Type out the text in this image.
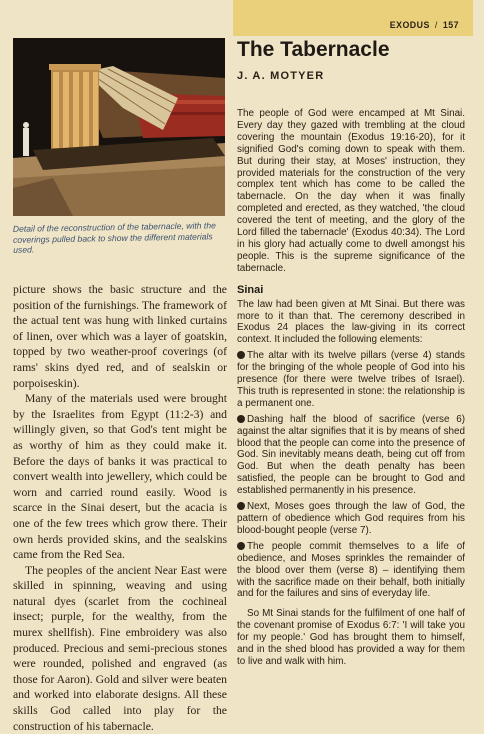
Detail of the reconstruction of the tabernacle, with the coverings pulled back to show the different materials used.

picture shows the basic structure and the position of the furnishings. The framework of the actual tent was hung with linked curtains of linen, over which was a layer of goatskin, topped by two weather-proof coverings (of rams' skins dyed red, and of sealskin or porpoiseskin).

Many of the materials used were brought by the Israelites from Egypt (11:2-3) and willingly given, so that God's tent might be as worthy of him as they could make it. Before the days of banks it was practical to convert wealth into jewellery, which could be worn and carried round easily. Wood is scarce in the Sinai desert, but the acacia is one of the few trees which grow there. Their own herds provided skins, and the sealskins came from the Red Sea.

The peoples of the ancient Near East were skilled in spinning, weaving and using natural dyes (scarlet from the cochineal insect; purple, for the wealthy, from the murex shellfish). Fine embroidery was also produced. Precious and semi-precious stones were rounded, polished and engraved (as those for Aaron). Gold and silver were beaten and worked into elaborate designs. All these skills God called into play for the construction of his tabernacle.

EXODUS / 157
The Tabernacle
J. A. MOTYER

The people of God were encamped at Mt Sinai. Every day they gazed with trembling at the cloud covering the mountain (Exodus 19:16-20), for it signified God's coming down to speak with them. But during their stay, at Moses' instruction, they provided materials for the construction of the very complex tent which has come to be called the tabernacle. On the day when it was finally completed and erected, as they watched, 'the cloud covered the tent of meeting, and the glory of the Lord filled the tabernacle' (Exodus 40:34). The Lord in his glory had actually come to dwell amongst his people. This is the supreme significance of the tabernacle.

Sinai

The law had been given at Mt Sinai. But there was more to it than that. The ceremony described in Exodus 24 places the law-giving in its correct context. It included the following elements:

The altar with its twelve pillars (verse 4) stands for the bringing of the whole people of God into his presence (for there were twelve tribes of Israel). This truth is represented in stone: the relationship is a permanent one.

Dashing half the blood of sacrifice (verse 6) against the altar signifies that it is by means of shed blood that the people can come into the presence of God. Sin inevitably means death, being cut off from God. But when the death penalty has been satisfied, the people can be brought to God and established permanently in his presence.

Next, Moses goes through the law of God, the pattern of obedience which God requires from his blood-bought people (verse 7).

The people commit themselves to a life of obedience, and Moses sprinkles the remainder of the blood over them (verse 8) – identifying them with the sacrifice made on their behalf, both initially and for the failures and sins of everyday life.

So Mt Sinai stands for the fulfilment of one half of the covenant promise of Exodus 6:7: 'I will take you for my people.' God has brought them to himself, and in the shed blood has provided a way for them to live and walk with him.
